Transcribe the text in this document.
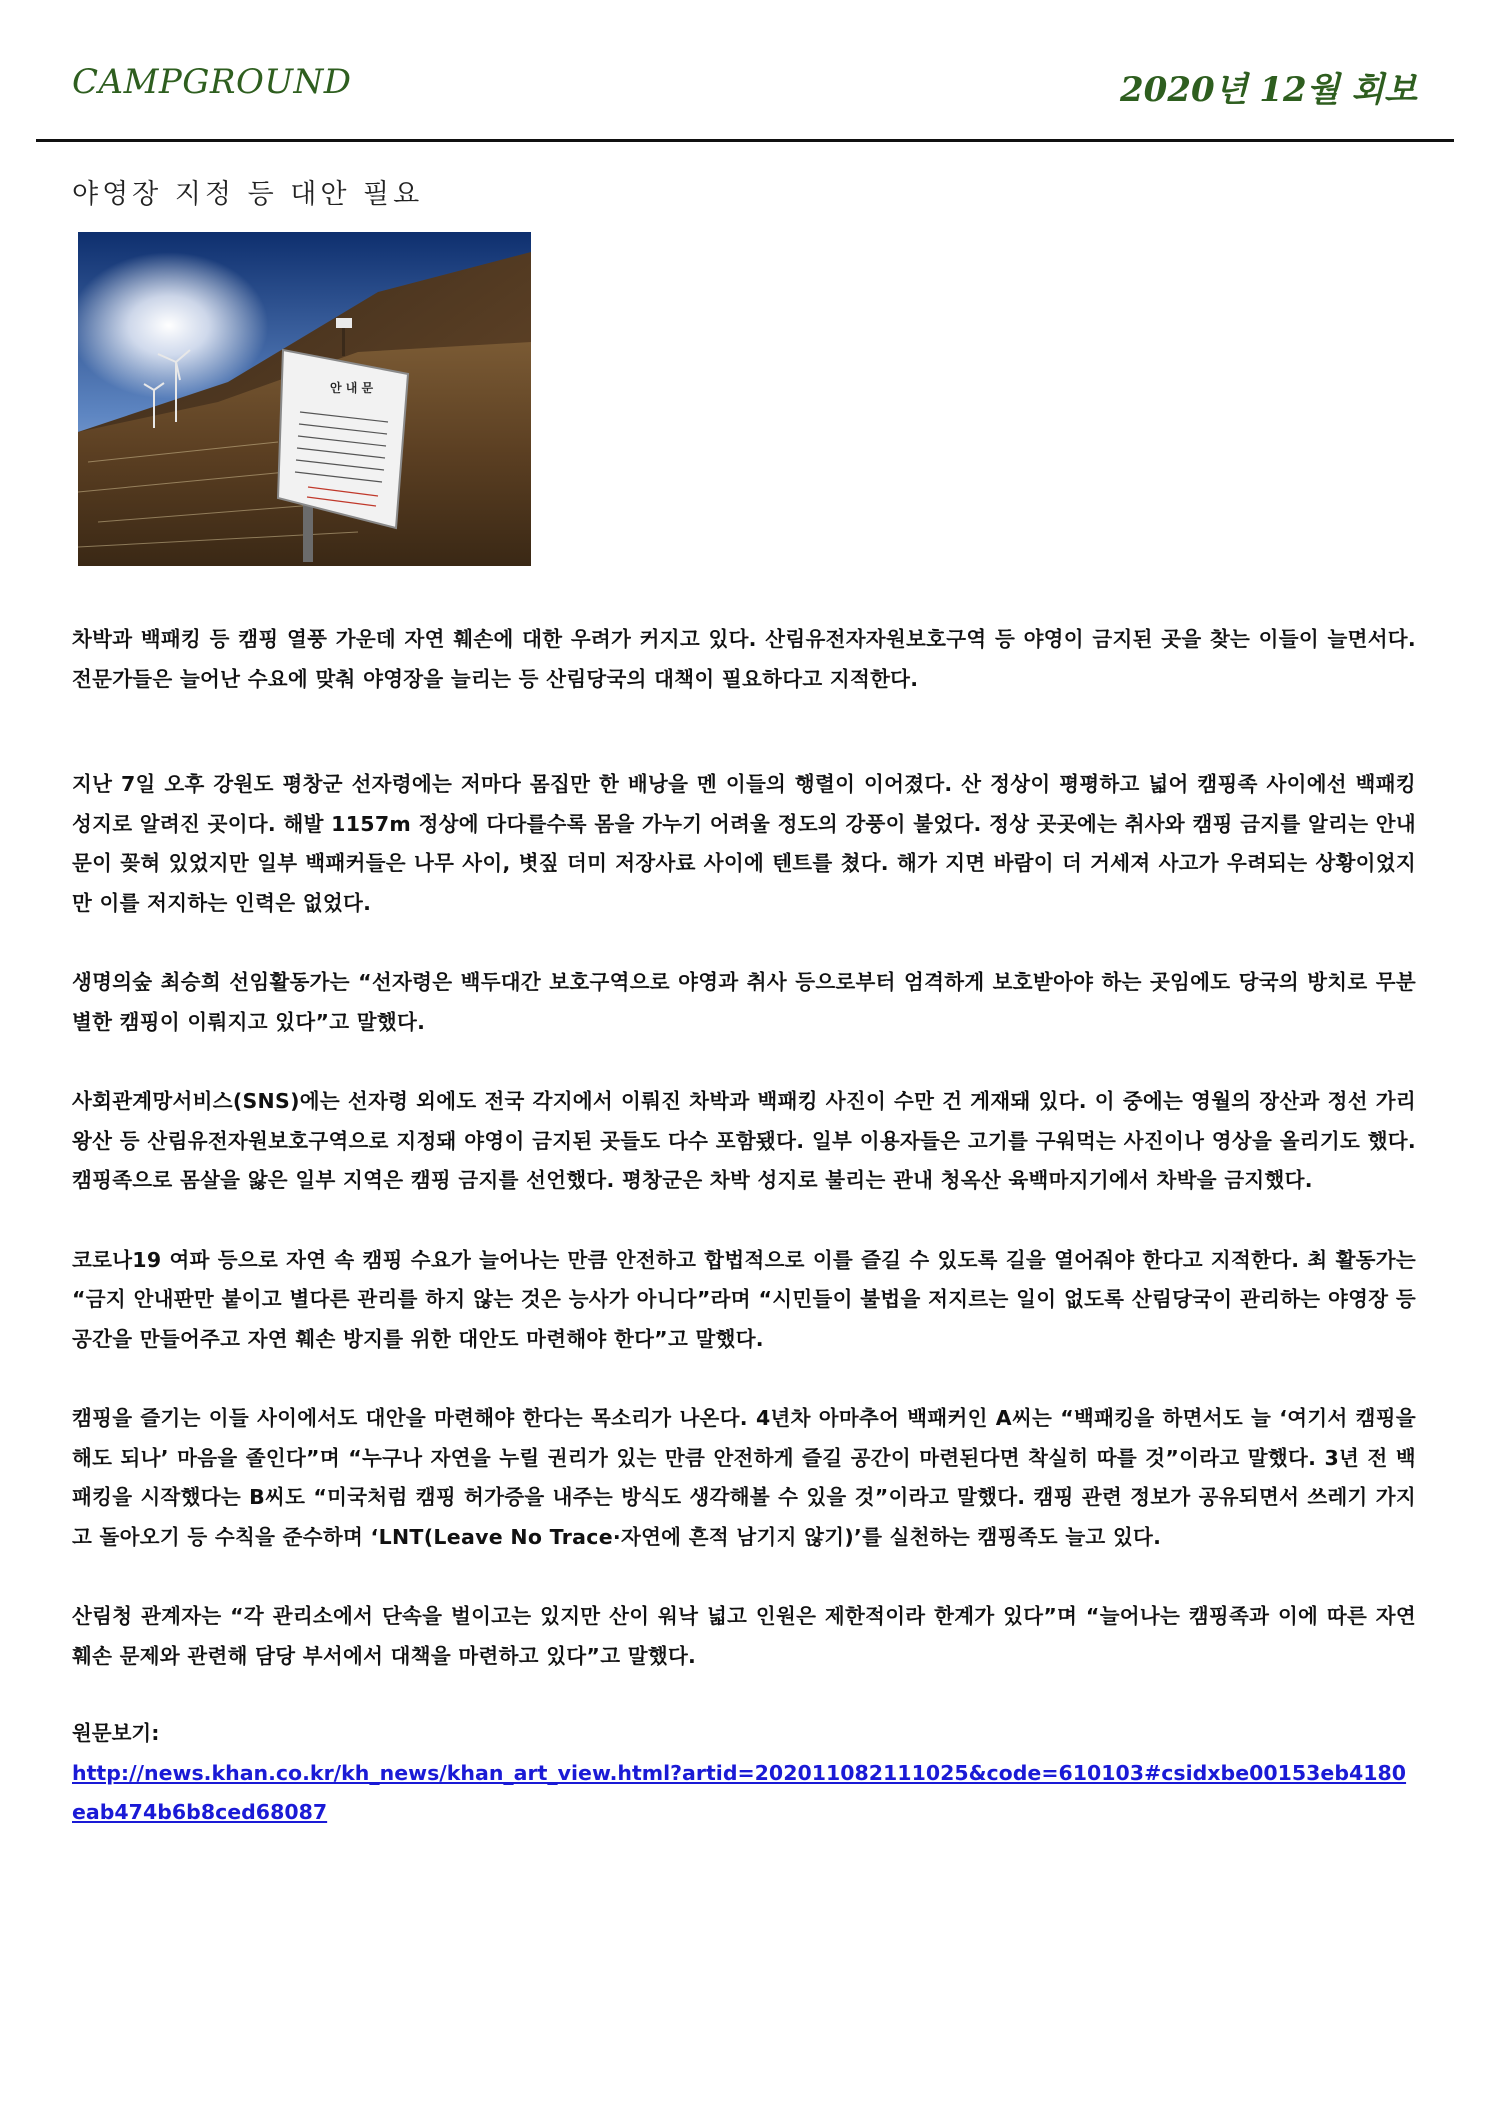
CAMPGROUND	2020년 12월 회보
야영장 지정 등 대안 필요
안 내 문

차박과 백패킹 등 캠핑 열풍 가운데 자연 훼손에 대한 우려가 커지고 있다. 산림유전자자원보호구역 등 야영이 금지된 곳을 찾는 이들이 늘면서다. 전문가들은 늘어난 수요에 맞춰 야영장을 늘리는 등 산림당국의 대책이 필요하다고 지적한다.

지난 7일 오후 강원도 평창군 선자령에는 저마다 몸집만 한 배낭을 멘 이들의 행렬이 이어졌다. 산 정상이 평평하고 넓어 캠핑족 사이에선 백패킹 성지로 알려진 곳이다. 해발 1157m 정상에 다다를수록 몸을 가누기 어려울 정도의 강풍이 불었다. 정상 곳곳에는 취사와 캠핑 금지를 알리는 안내문이 꽂혀 있었지만 일부 백패커들은 나무 사이, 볏짚 더미 저장사료 사이에 텐트를 쳤다. 해가 지면 바람이 더 거세져 사고가 우려되는 상황이었지만 이를 저지하는 인력은 없었다.

생명의숲 최승희 선임활동가는 “선자령은 백두대간 보호구역으로 야영과 취사 등으로부터 엄격하게 보호받아야 하는 곳임에도 당국의 방치로 무분별한 캠핑이 이뤄지고 있다”고 말했다.

사회관계망서비스(SNS)에는 선자령 외에도 전국 각지에서 이뤄진 차박과 백패킹 사진이 수만 건 게재돼 있다. 이 중에는 영월의 장산과 정선 가리왕산 등 산림유전자원보호구역으로 지정돼 야영이 금지된 곳들도 다수 포함됐다. 일부 이용자들은 고기를 구워먹는 사진이나 영상을 올리기도 했다. 캠핑족으로 몸살을 앓은 일부 지역은 캠핑 금지를 선언했다. 평창군은 차박 성지로 불리는 관내 청옥산 육백마지기에서 차박을 금지했다.

코로나19 여파 등으로 자연 속 캠핑 수요가 늘어나는 만큼 안전하고 합법적으로 이를 즐길 수 있도록 길을 열어줘야 한다고 지적한다. 최 활동가는 “금지 안내판만 붙이고 별다른 관리를 하지 않는 것은 능사가 아니다”라며 “시민들이 불법을 저지르는 일이 없도록 산림당국이 관리하는 야영장 등 공간을 만들어주고 자연 훼손 방지를 위한 대안도 마련해야 한다”고 말했다.

캠핑을 즐기는 이들 사이에서도 대안을 마련해야 한다는 목소리가 나온다. 4년차 아마추어 백패커인 A씨는 “백패킹을 하면서도 늘 ‘여기서 캠핑을 해도 되나’ 마음을 졸인다”며 “누구나 자연을 누릴 권리가 있는 만큼 안전하게 즐길 공간이 마련된다면 착실히 따를 것”이라고 말했다. 3년 전 백패킹을 시작했다는 B씨도 “미국처럼 캠핑 허가증을 내주는 방식도 생각해볼 수 있을 것”이라고 말했다. 캠핑 관련 정보가 공유되면서 쓰레기 가지고 돌아오기 등 수칙을 준수하며 ‘LNT(Leave No Trace·자연에 흔적 남기지 않기)’를 실천하는 캠핑족도 늘고 있다.

산림청 관계자는 “각 관리소에서 단속을 벌이고는 있지만 산이 워낙 넓고 인원은 제한적이라 한계가 있다”며 “늘어나는 캠핑족과 이에 따른 자연 훼손 문제와 관련해 담당 부서에서 대책을 마련하고 있다”고 말했다.

원문보기:

http://news.khan.co.kr/kh_news/khan_art_view.html?artid=202011082111025&code=610103#csidxbe00153eb4180eab474b6b8ced68087
